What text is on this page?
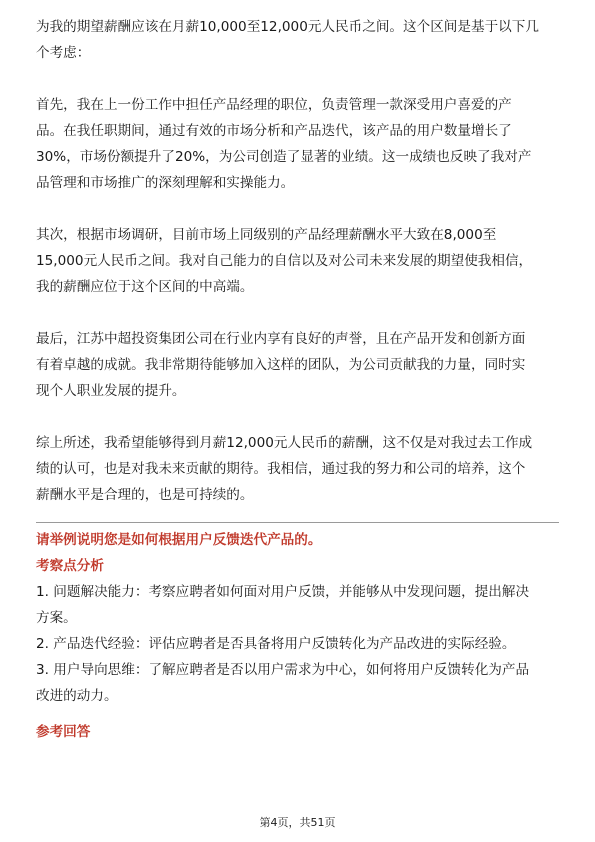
为我的期望薪酬应该在月薪10,000至12,000元人民币之间。这个区间是基于以下几
个考虑：

首先，我在上一份工作中担任产品经理的职位，负责管理一款深受用户喜爱的产
品。在我任职期间，通过有效的市场分析和产品迭代，该产品的用户数量增长了
30%，市场份额提升了20%，为公司创造了显著的业绩。这一成绩也反映了我对产
品管理和市场推广的深刻理解和实操能力。

其次，根据市场调研，目前市场上同级别的产品经理薪酬水平大致在8,000至
15,000元人民币之间。我对自己能力的自信以及对公司未来发展的期望使我相信，
我的薪酬应位于这个区间的中高端。

最后，江苏中超投资集团公司在行业内享有良好的声誉，且在产品开发和创新方面
有着卓越的成就。我非常期待能够加入这样的团队，为公司贡献我的力量，同时实
现个人职业发展的提升。

综上所述，我希望能够得到月薪12,000元人民币的薪酬，这不仅是对我过去工作成
绩的认可，也是对我未来贡献的期待。我相信，通过我的努力和公司的培养，这个
薪酬水平是合理的，也是可持续的。

请举例说明您是如何根据用户反馈迭代产品的。

考察点分析

1. 问题解决能力：考察应聘者如何面对用户反馈，并能够从中发现问题，提出解决
方案。

2. 产品迭代经验：评估应聘者是否具备将用户反馈转化为产品改进的实际经验。

3. 用户导向思维：了解应聘者是否以用户需求为中心，如何将用户反馈转化为产品
改进的动力。

参考回答

第4页，共51页
